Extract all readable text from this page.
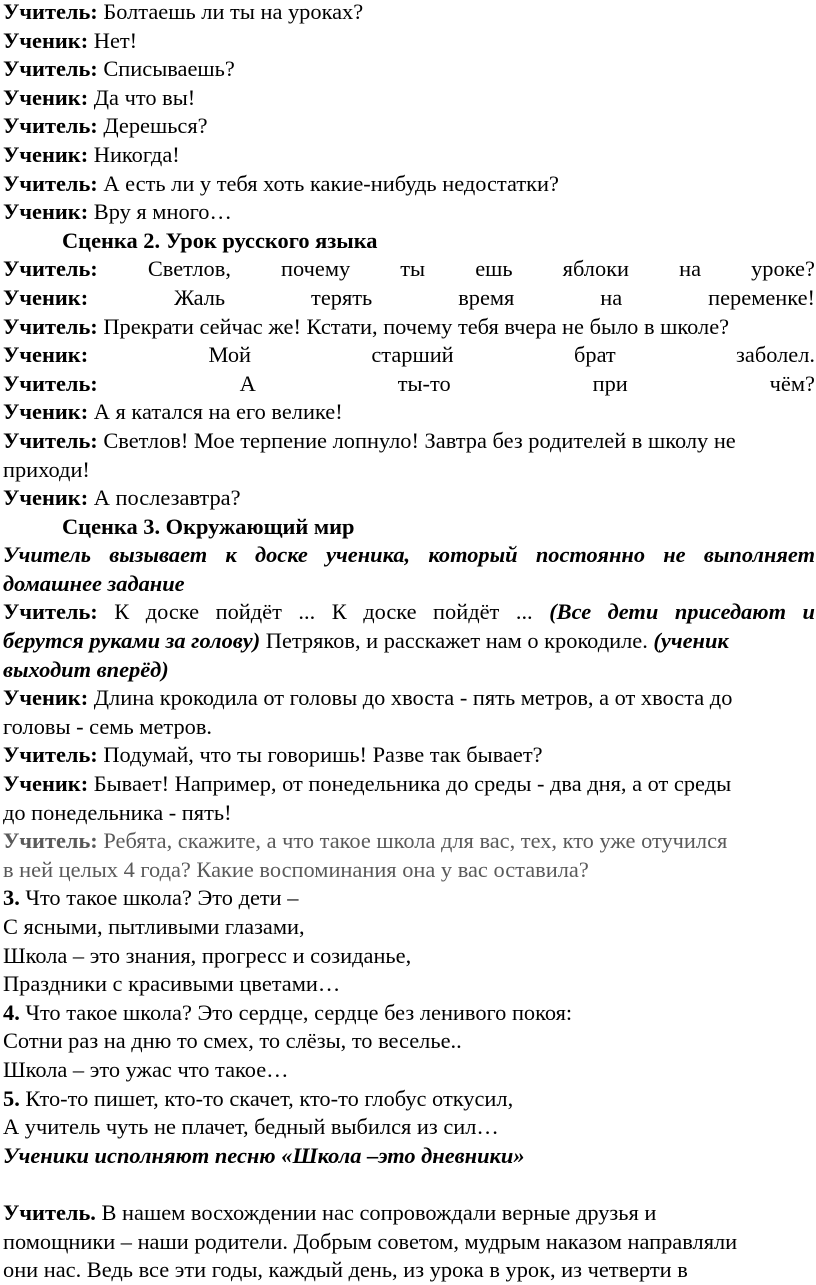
Учитель: Болтаешь ли ты на уроках?
Ученик: Нет!
Учитель: Списываешь?
Ученик: Да что вы!
Учитель: Дерешься?
Ученик: Никогда!
Учитель: А есть ли у тебя хоть какие-нибудь недостатки?
Ученик: Вру я много…
Сценка 2. Урок русского языка
Учитель: Светлов, почему ты ешь яблоки на уроке?
Ученик:	Жаль	терять	время	на	переменке!
Учитель: Прекрати сейчас же! Кстати, почему тебя вчера не было в школе?
Ученик:	Мой	старший	брат	заболел.
Учитель:	А	ты-то	при	чём?
Ученик: А я катался на его велике!
Учитель: Светлов! Мое терпение лопнуло! Завтра без родителей в школу не
приходи!
Ученик: А послезавтра?
Сценка 3. Окружающий мир
Учитель вызывает к доске ученика, который постоянно не выполняет
домашнее задание
Учитель: К доске пойдёт ... К доске пойдёт ... (Все дети приседают и
берутся руками за голову) Петряков, и расскажет нам о крокодиле. (ученик
выходит вперёд)
Ученик: Длина крокодила от головы до хвоста - пять метров, а от хвоста до
головы - семь метров.
Учитель: Подумай, что ты говоришь! Разве так бывает?
Ученик: Бывает! Например, от понедельника до среды - два дня, а от среды
до понедельника - пять!
Учитель: Ребята, скажите, а что такое школа для вас, тех, кто уже отучился
в ней целых 4 года? Какие воспоминания она у вас оставила?
3. Что такое школа? Это дети –
С ясными, пытливыми глазами,
Школа – это знания, прогресс и созиданье,
Праздники с красивыми цветами…
4. Что такое школа? Это сердце, сердце без ленивого покоя:
Сотни раз на дню то смех, то слёзы, то веселье..
Школа – это ужас что такое…
5. Кто-то пишет, кто-то скачет, кто-то глобус откусил,
А учитель чуть не плачет, бедный выбился из сил…
Ученики исполняют песню «Школа –это дневники»
Учитель. В нашем восхождении нас сопровождали верные друзья и
помощники – наши родители. Добрым советом, мудрым наказом направляли
они нас. Ведь все эти годы, каждый день, из урока в урок, из четверти в
